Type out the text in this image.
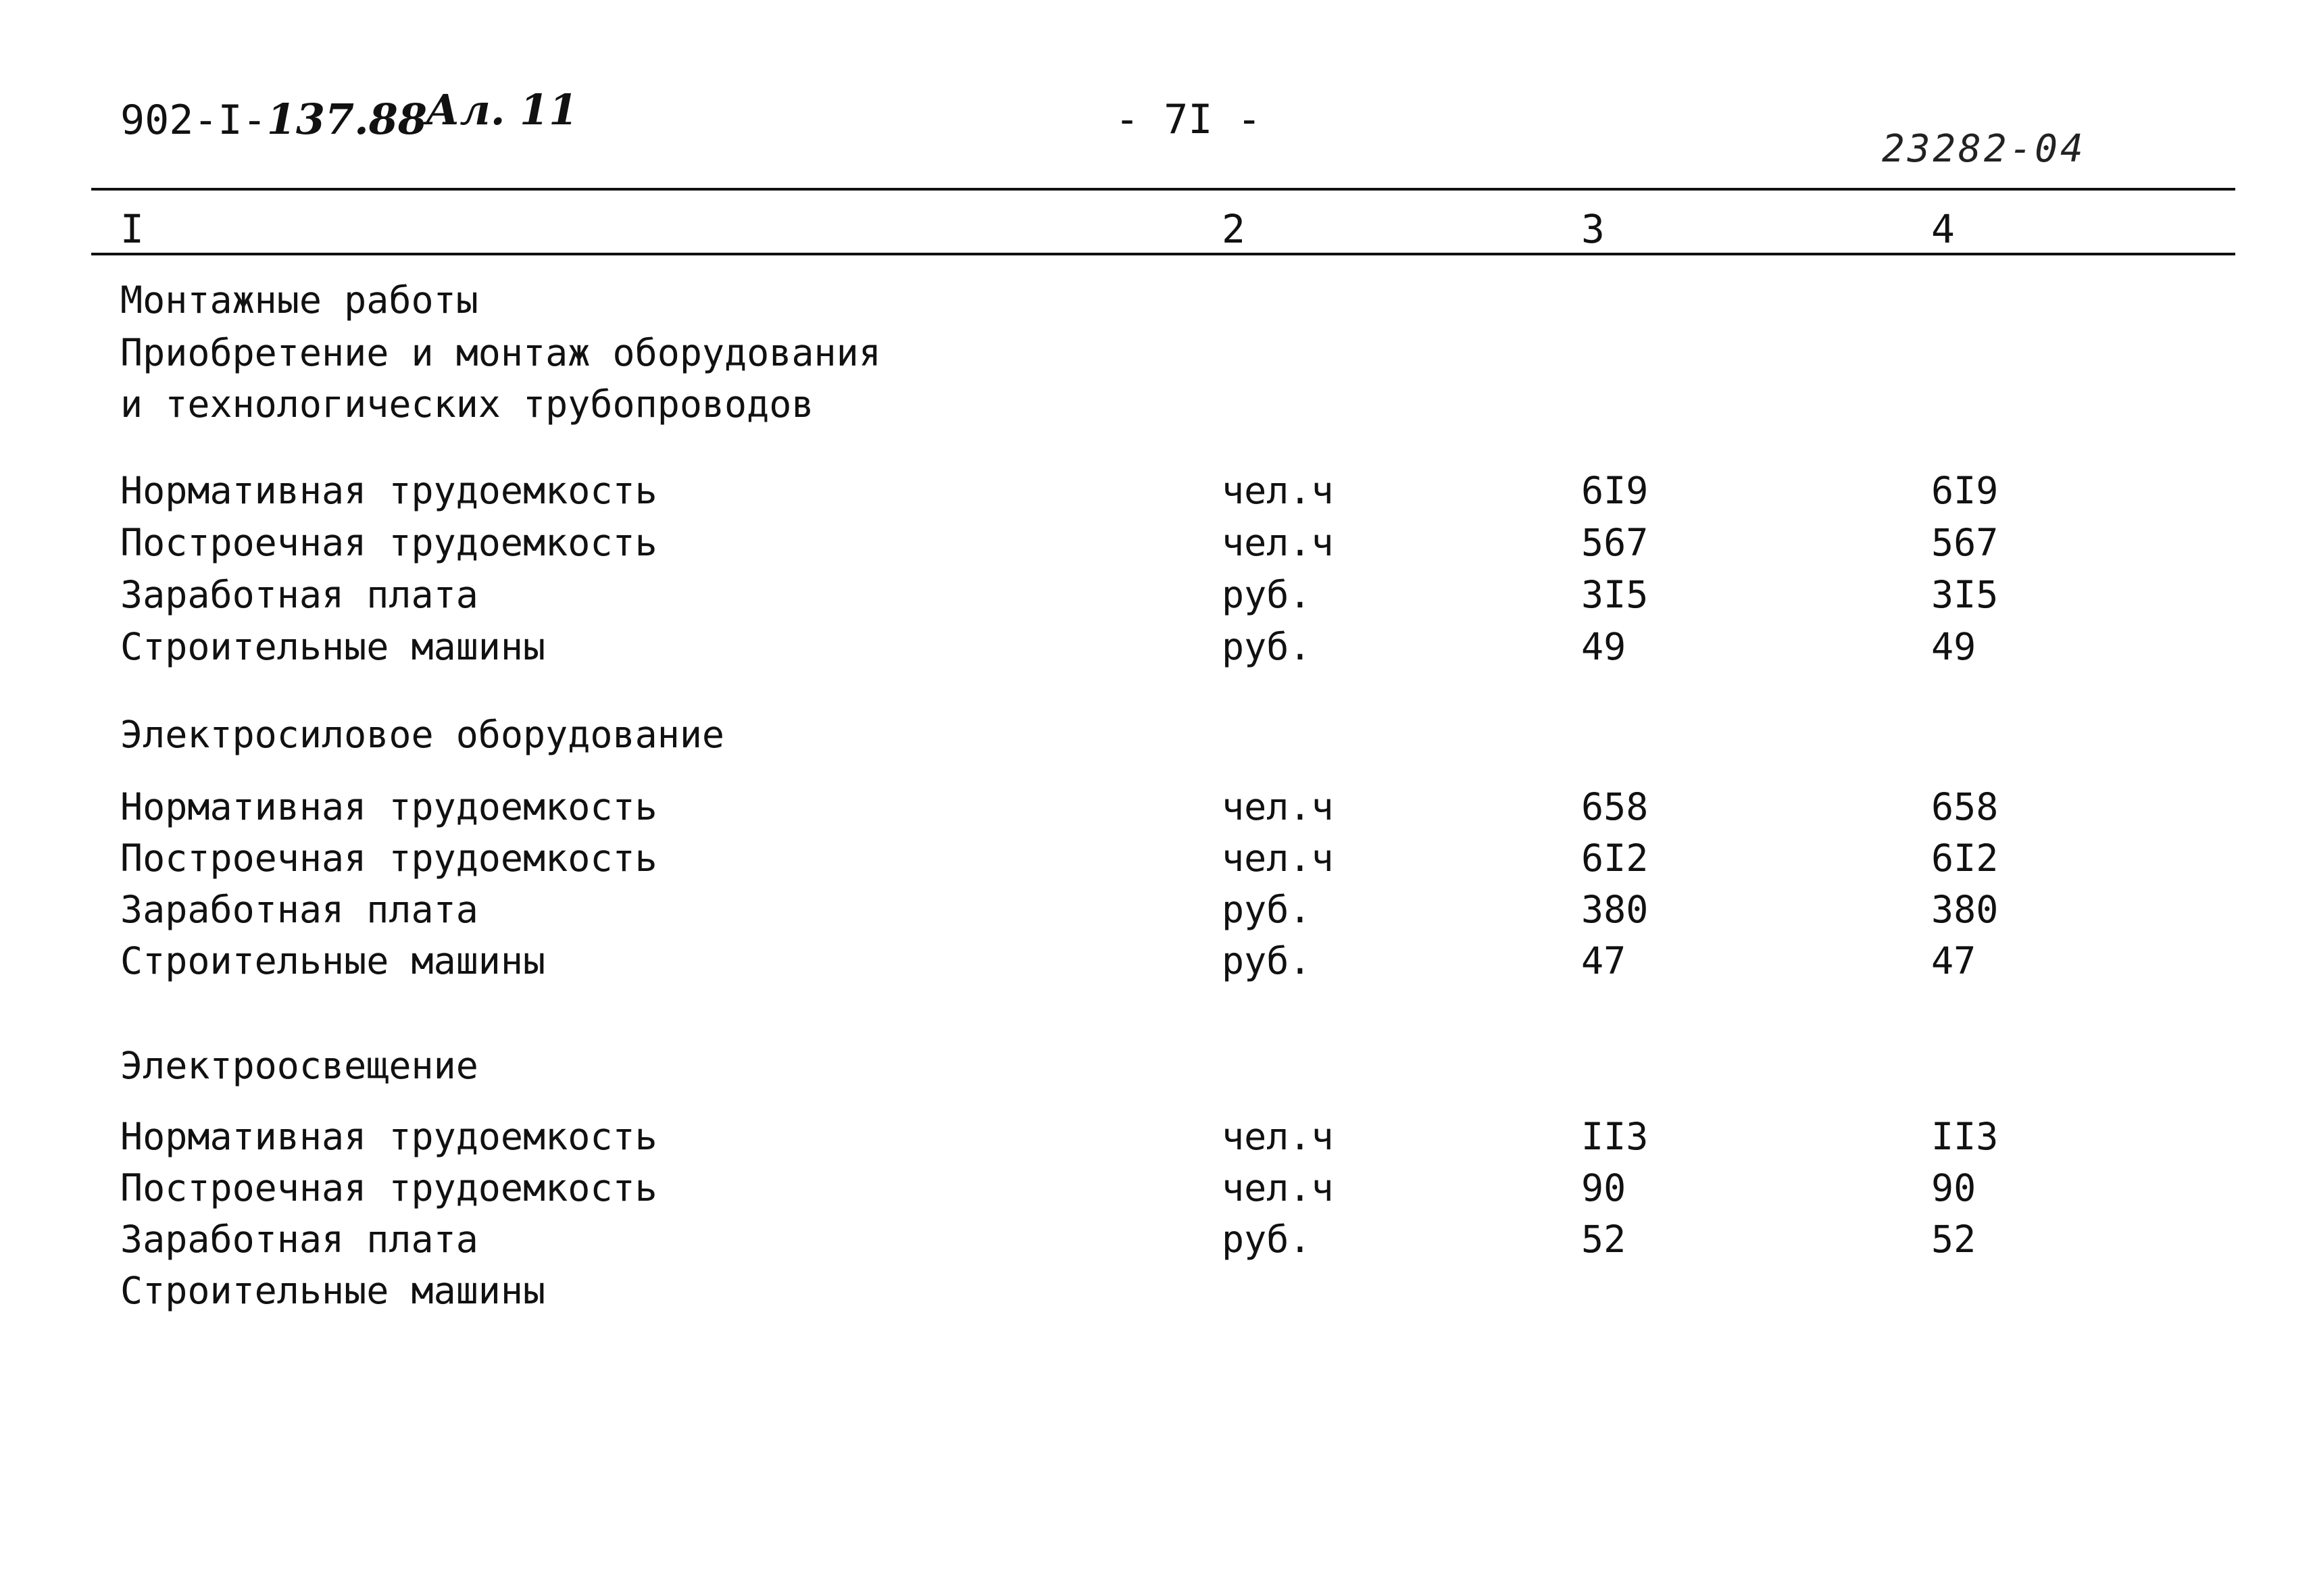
902-I-137.88
Ал. 11	- 7I -
23282-04
I	2	3	4
Монтажные работы
Приобретение и монтаж оборудования
и технологических трубопроводов
Нормативная трудоемкость	чел.ч	6I9	6I9
Построечная трудоемкость	чел.ч	567	567
Заработная плата	руб.	3I5	3I5
Строительные машины	руб.	49	49
Электросиловое оборудование
Нормативная трудоемкость	чел.ч	658	658
Построечная трудоемкость	чел.ч	6I2	6I2
Заработная плата	руб.	380	380
Строительные машины	руб.	47	47
Электроосвещение
Нормативная трудоемкость	чел.ч	II3	II3
Построечная трудоемкость	чел.ч	90	90
Заработная плата	руб.	52	52
Строительные машины
